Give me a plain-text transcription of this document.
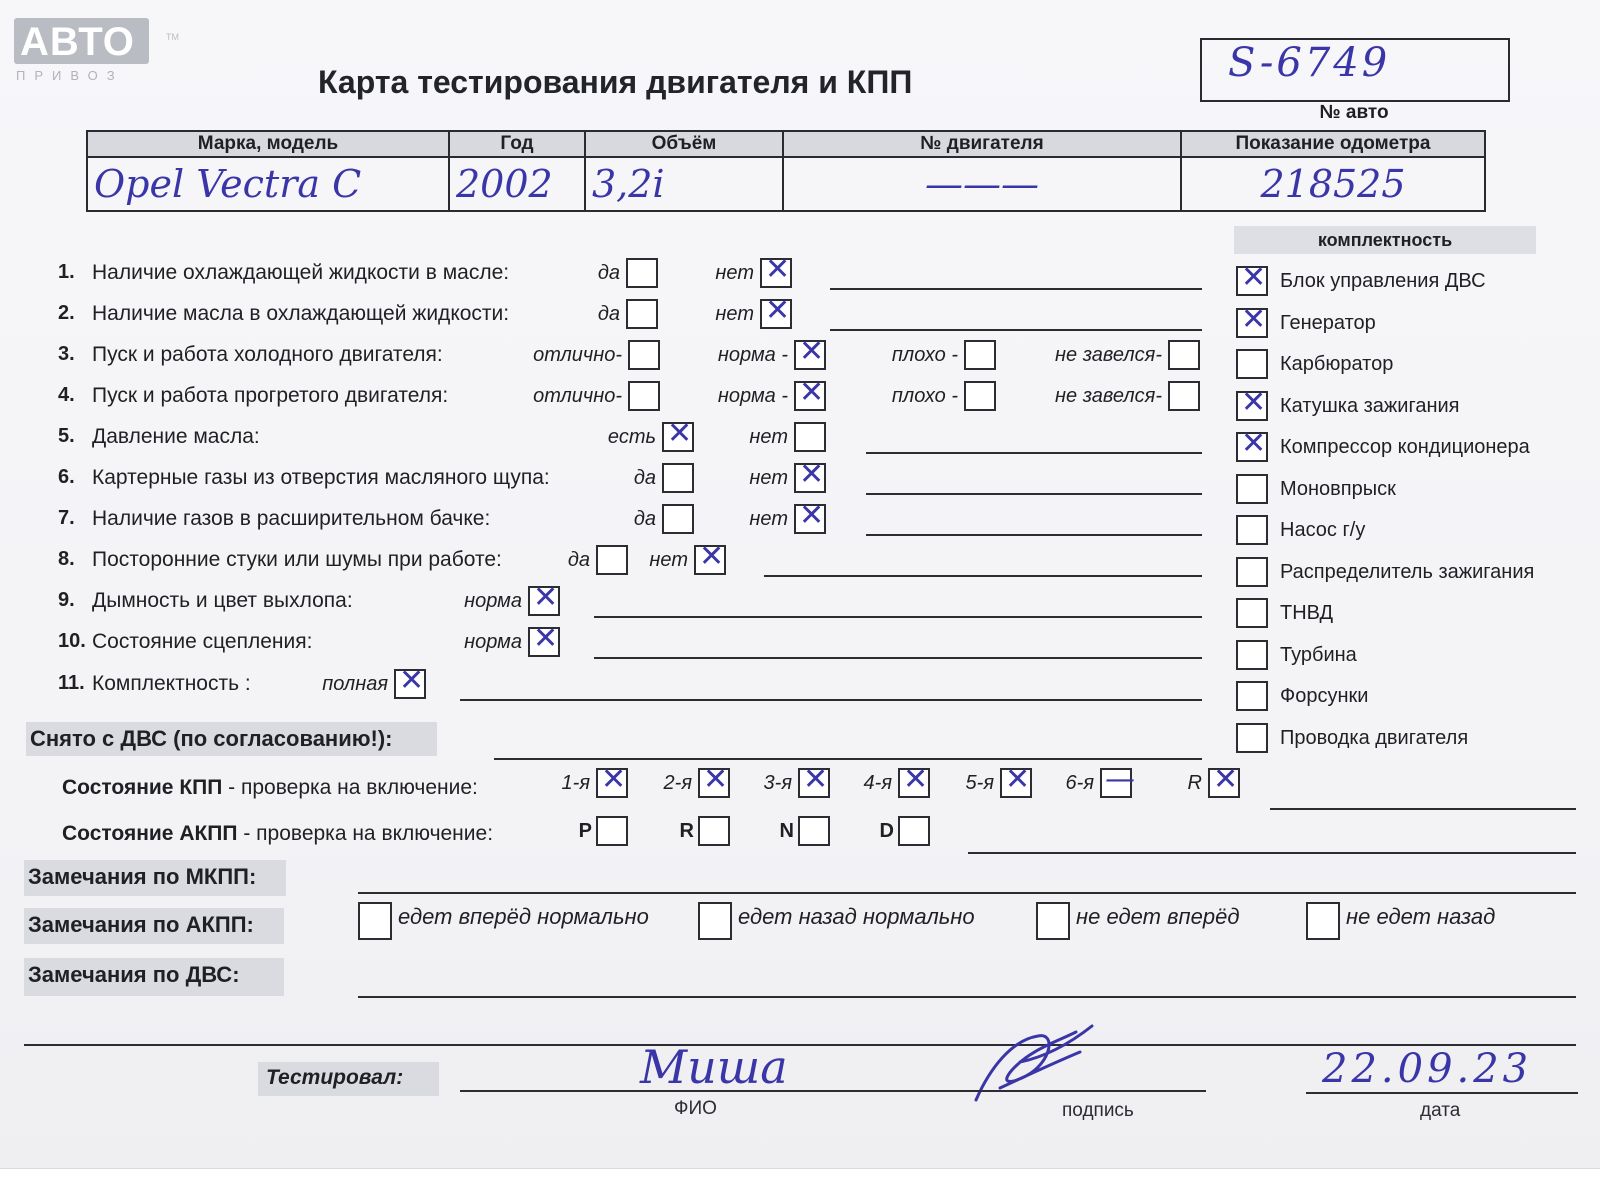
АВТО	TM
ПРИВОЗ	Карта тестирования двигателя и КПП	S-6749
№ авто
Марка, модель	Год	Объём	№ двигателя	Показание одометра
Opel Vectra C	2002	3,2i	———	218525
комплектность
✕ Блок управления ДВС
✕ Генератор
Карбюратор
✕ Катушка зажигания
✕ Компрессор кондиционера
Моновпрыск
Насос г/у
Распределитель зажигания
ТНВД
Турбина
Форсунки
Проводка двигателя
1. Наличие охлаждающей жидкости в масле:	да	нет ✕
2. Наличие масла в охлаждающей жидкости:	да	нет ✕
3. Пуск и работа холодного двигателя:	отлично-	норма - ✕	плохо -	не завелся-
4. Пуск и работа прогретого двигателя:	отлично-	норма - ✕	плохо -	не завелся-
5. Давление масла:	есть ✕	нет
6. Картерные газы из отверстия масляного щупа:	да	нет ✕
7. Наличие газов в расширительном бачке:	да	нет ✕
8. Посторонние стуки или шумы при работе:	да	нет ✕
9. Дымность и цвет выхлопа:	норма ✕
10. Состояние сцепления:	норма ✕
11. Комплектность :	полная ✕
Снято с ДВС (по согласованию!):
Состояние КПП - проверка на включение:	1-я ✕ 2-я ✕ 3-я ✕ 4-я ✕ 5-я ✕ 6-я —	R ✕
Состояние АКПП - проверка на включение:	P	R	N	D
Замечания по МКПП:
Замечания по АКПП:	едет вперёд нормально	едет назад нормально	не едет вперёд	не едет назад
Замечания по ДВС:
Тестировал:	Миша
ФИО	подпись
22.09.23
дата
